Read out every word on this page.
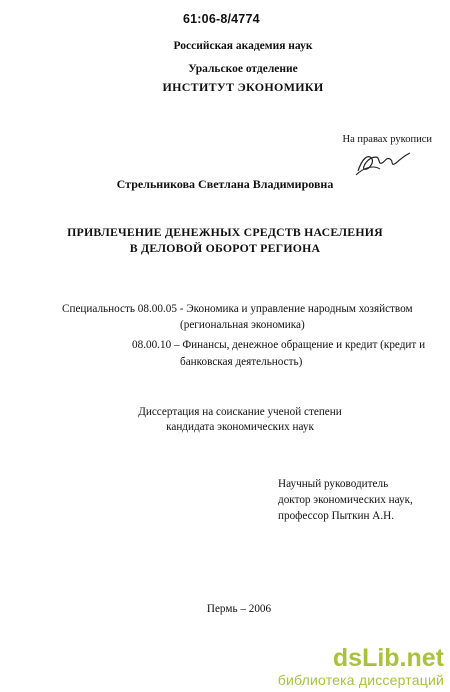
61:06-8/4774
Российская академия наук
Уральское отделение
ИНСТИТУТ ЭКОНОМИКИ
На правах рукописи
Стрельникова Светлана Владимировна
ПРИВЛЕЧЕНИЕ ДЕНЕЖНЫХ СРЕДСТВ НАСЕЛЕНИЯ
В ДЕЛОВОЙ ОБОРОТ РЕГИОНА
Специальность 08.00.05 - Экономика и управление народным хозяйством
(региональная экономика)
08.00.10 – Финансы, денежное обращение и кредит (кредит и
банковская деятельность)
Диссертация на соискание ученой степени
кандидата экономических наук
Научный руководитель
доктор экономических наук,
профессор Пыткин А.Н.
Пермь – 2006
dsLib.net
библиотека диссертаций
